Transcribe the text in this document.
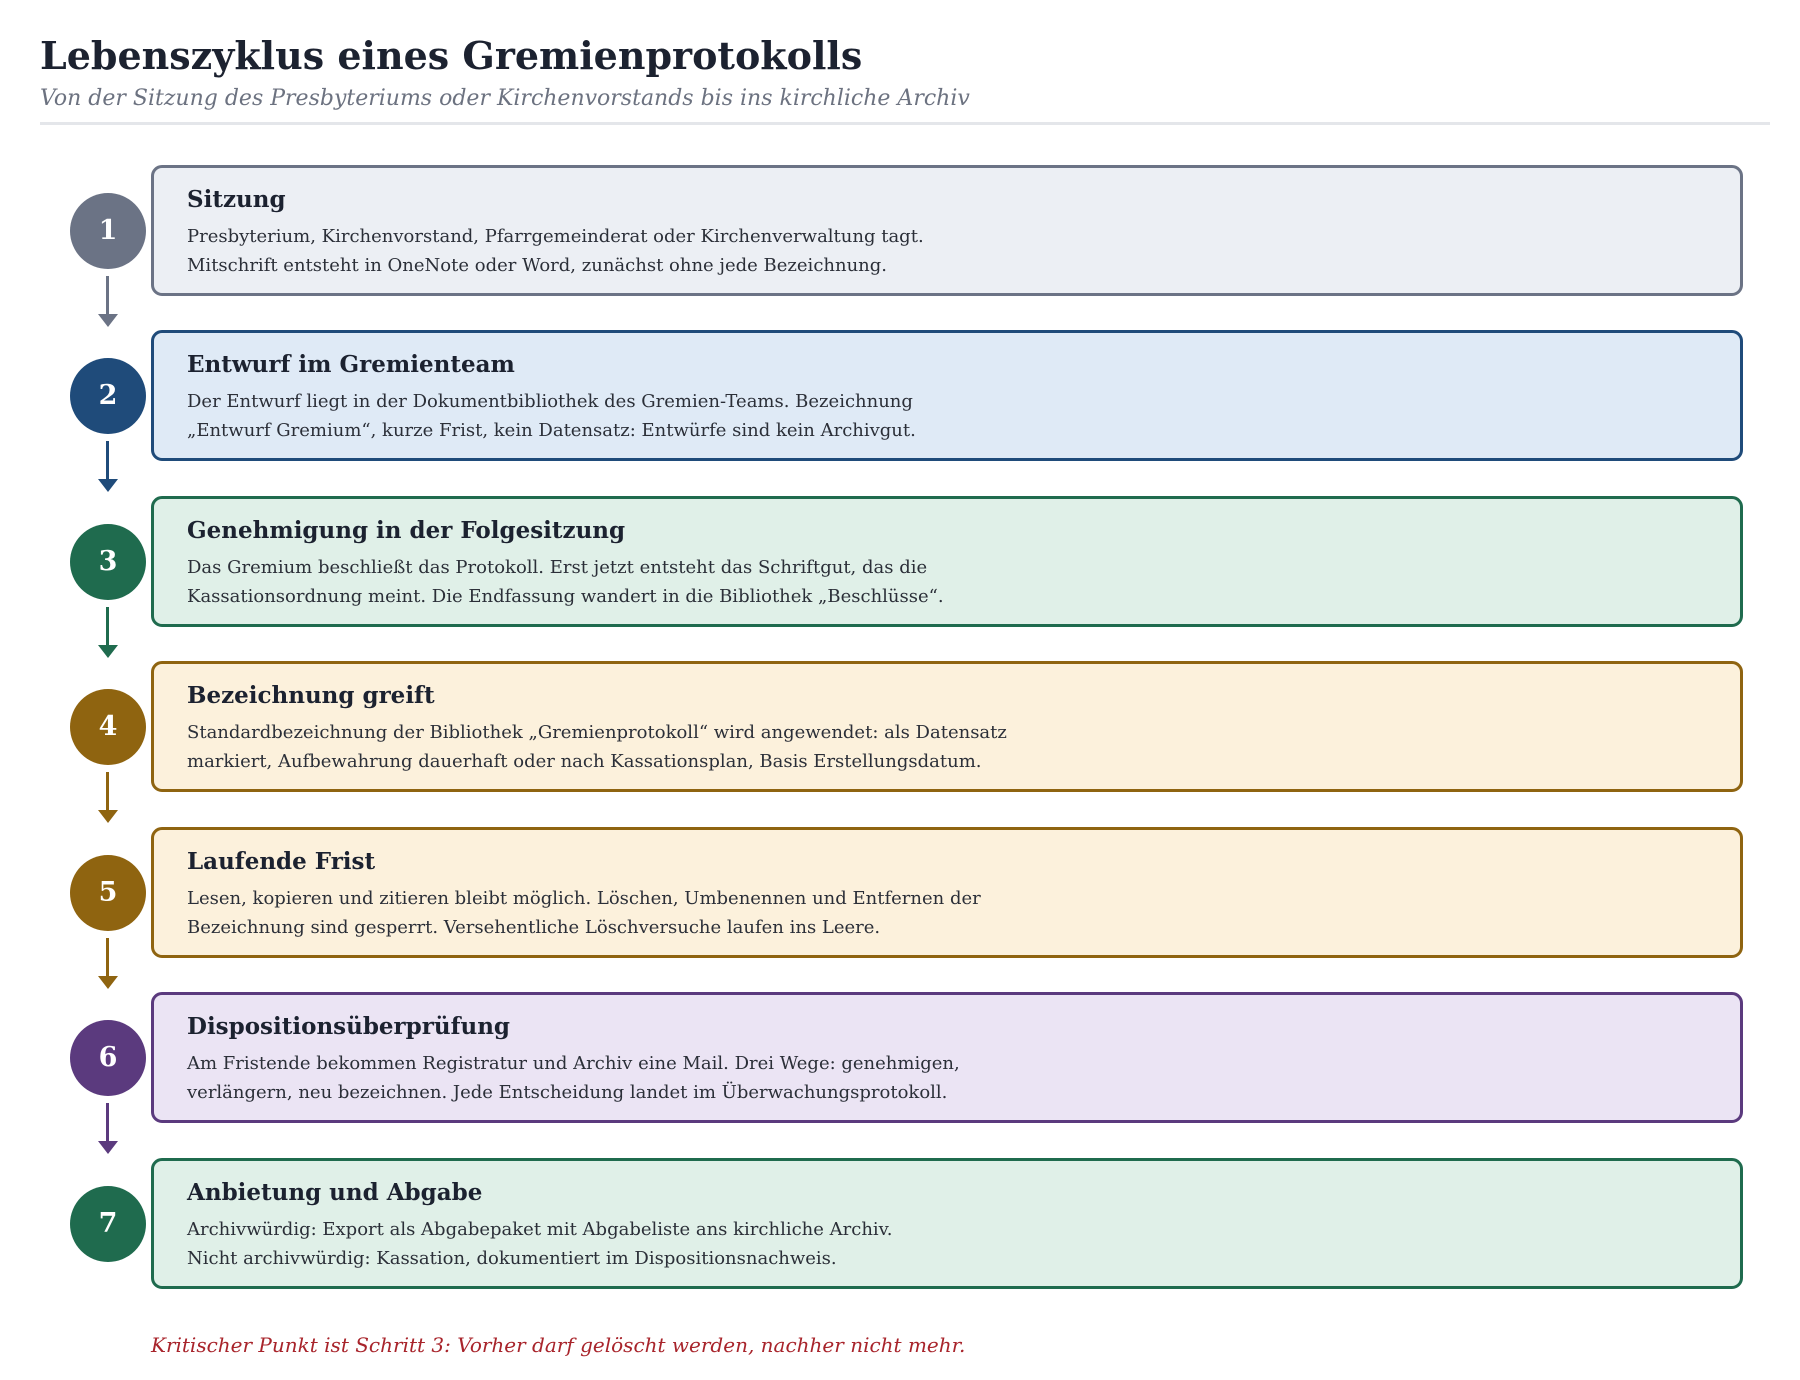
Lebenszyklus eines Gremienprotokolls

Von der Sitzung des Presbyteriums oder Kirchenvorstands bis ins kirchliche Archiv

1
Sitzung

Presbyterium, Kirchenvorstand, Pfarrgemeinderat oder Kirchenverwaltung tagt.

Mitschrift entsteht in OneNote oder Word, zunächst ohne jede Bezeichnung.

2
Entwurf im Gremienteam

Der Entwurf liegt in der Dokumentbibliothek des Gremien-Teams. Bezeichnung

„Entwurf Gremium“, kurze Frist, kein Datensatz: Entwürfe sind kein Archivgut.

3
Genehmigung in der Folgesitzung

Das Gremium beschließt das Protokoll. Erst jetzt entsteht das Schriftgut, das die

Kassationsordnung meint. Die Endfassung wandert in die Bibliothek „Beschlüsse“.

4
Bezeichnung greift

Standardbezeichnung der Bibliothek „Gremienprotokoll“ wird angewendet: als Datensatz

markiert, Aufbewahrung dauerhaft oder nach Kassationsplan, Basis Erstellungsdatum.

5
Laufende Frist

Lesen, kopieren und zitieren bleibt möglich. Löschen, Umbenennen und Entfernen der

Bezeichnung sind gesperrt. Versehentliche Löschversuche laufen ins Leere.

6
Dispositionsüberprüfung

Am Fristende bekommen Registratur und Archiv eine Mail. Drei Wege: genehmigen,

verlängern, neu bezeichnen. Jede Entscheidung landet im Überwachungsprotokoll.

7
Anbietung und Abgabe

Archivwürdig: Export als Abgabepaket mit Abgabeliste ans kirchliche Archiv.

Nicht archivwürdig: Kassation, dokumentiert im Dispositionsnachweis.

Kritischer Punkt ist Schritt 3: Vorher darf gelöscht werden, nachher nicht mehr.
